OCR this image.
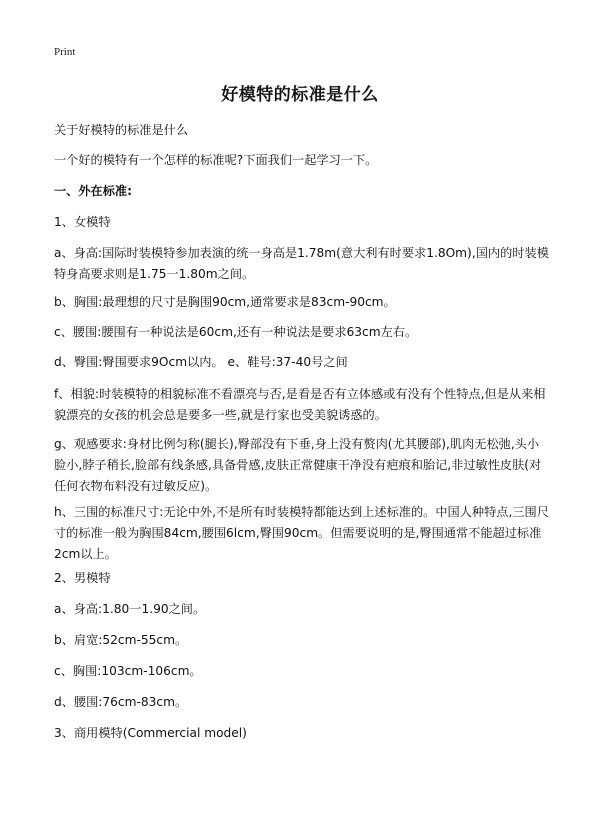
Print
好模特的标准是什么

关于好模特的标准是什么

一个好的模特有一个怎样的标准呢?下面我们一起学习一下。

一、外在标准:

1、女模特

a、身高:国际时装模特参加表演的统一身高是1.78m(意大利有时要求1.8Om),国内的时装模特身高要求则是1.75一1.80m之间。

b、胸围:最理想的尺寸是胸围90cm,通常要求是83cm-90cm。

c、腰围:腰围有一种说法是60cm,还有一种说法是要求63cm左右。

d、臀围:臀围要求9Ocm以内。 e、鞋号:37-40号之间

f、相貌:时装模特的相貌标准不看漂亮与否,是看是否有立体感或有没有个性特点,但是从来相貌漂亮的女孩的机会总是要多一些,就是行家也受美貌诱惑的。

g、观感要求:身材比例匀称(腿长),臀部没有下垂,身上没有赘肉(尤其腰部),肌肉无松弛,头小脸小,脖子稍长,脸部有线条感,具备骨感,皮肤正常健康干净没有疤痕和胎记,非过敏性皮肤(对任何衣物布料没有过敏反应)。

h、三围的标准尺寸:无论中外,不是所有时装模特都能达到上述标准的。中国人种特点,三围尺寸的标准一般为胸围84cm,腰围6lcm,臀围90cm。但需要说明的是,臀围通常不能超过标准2cm以上。

2、男模特

a、身高:1.80一1.90之间。

b、肩宽:52cm-55cm。

c、胸围:103cm-106cm。

d、腰围:76cm-83cm。

3、商用模特(Commercial model)
